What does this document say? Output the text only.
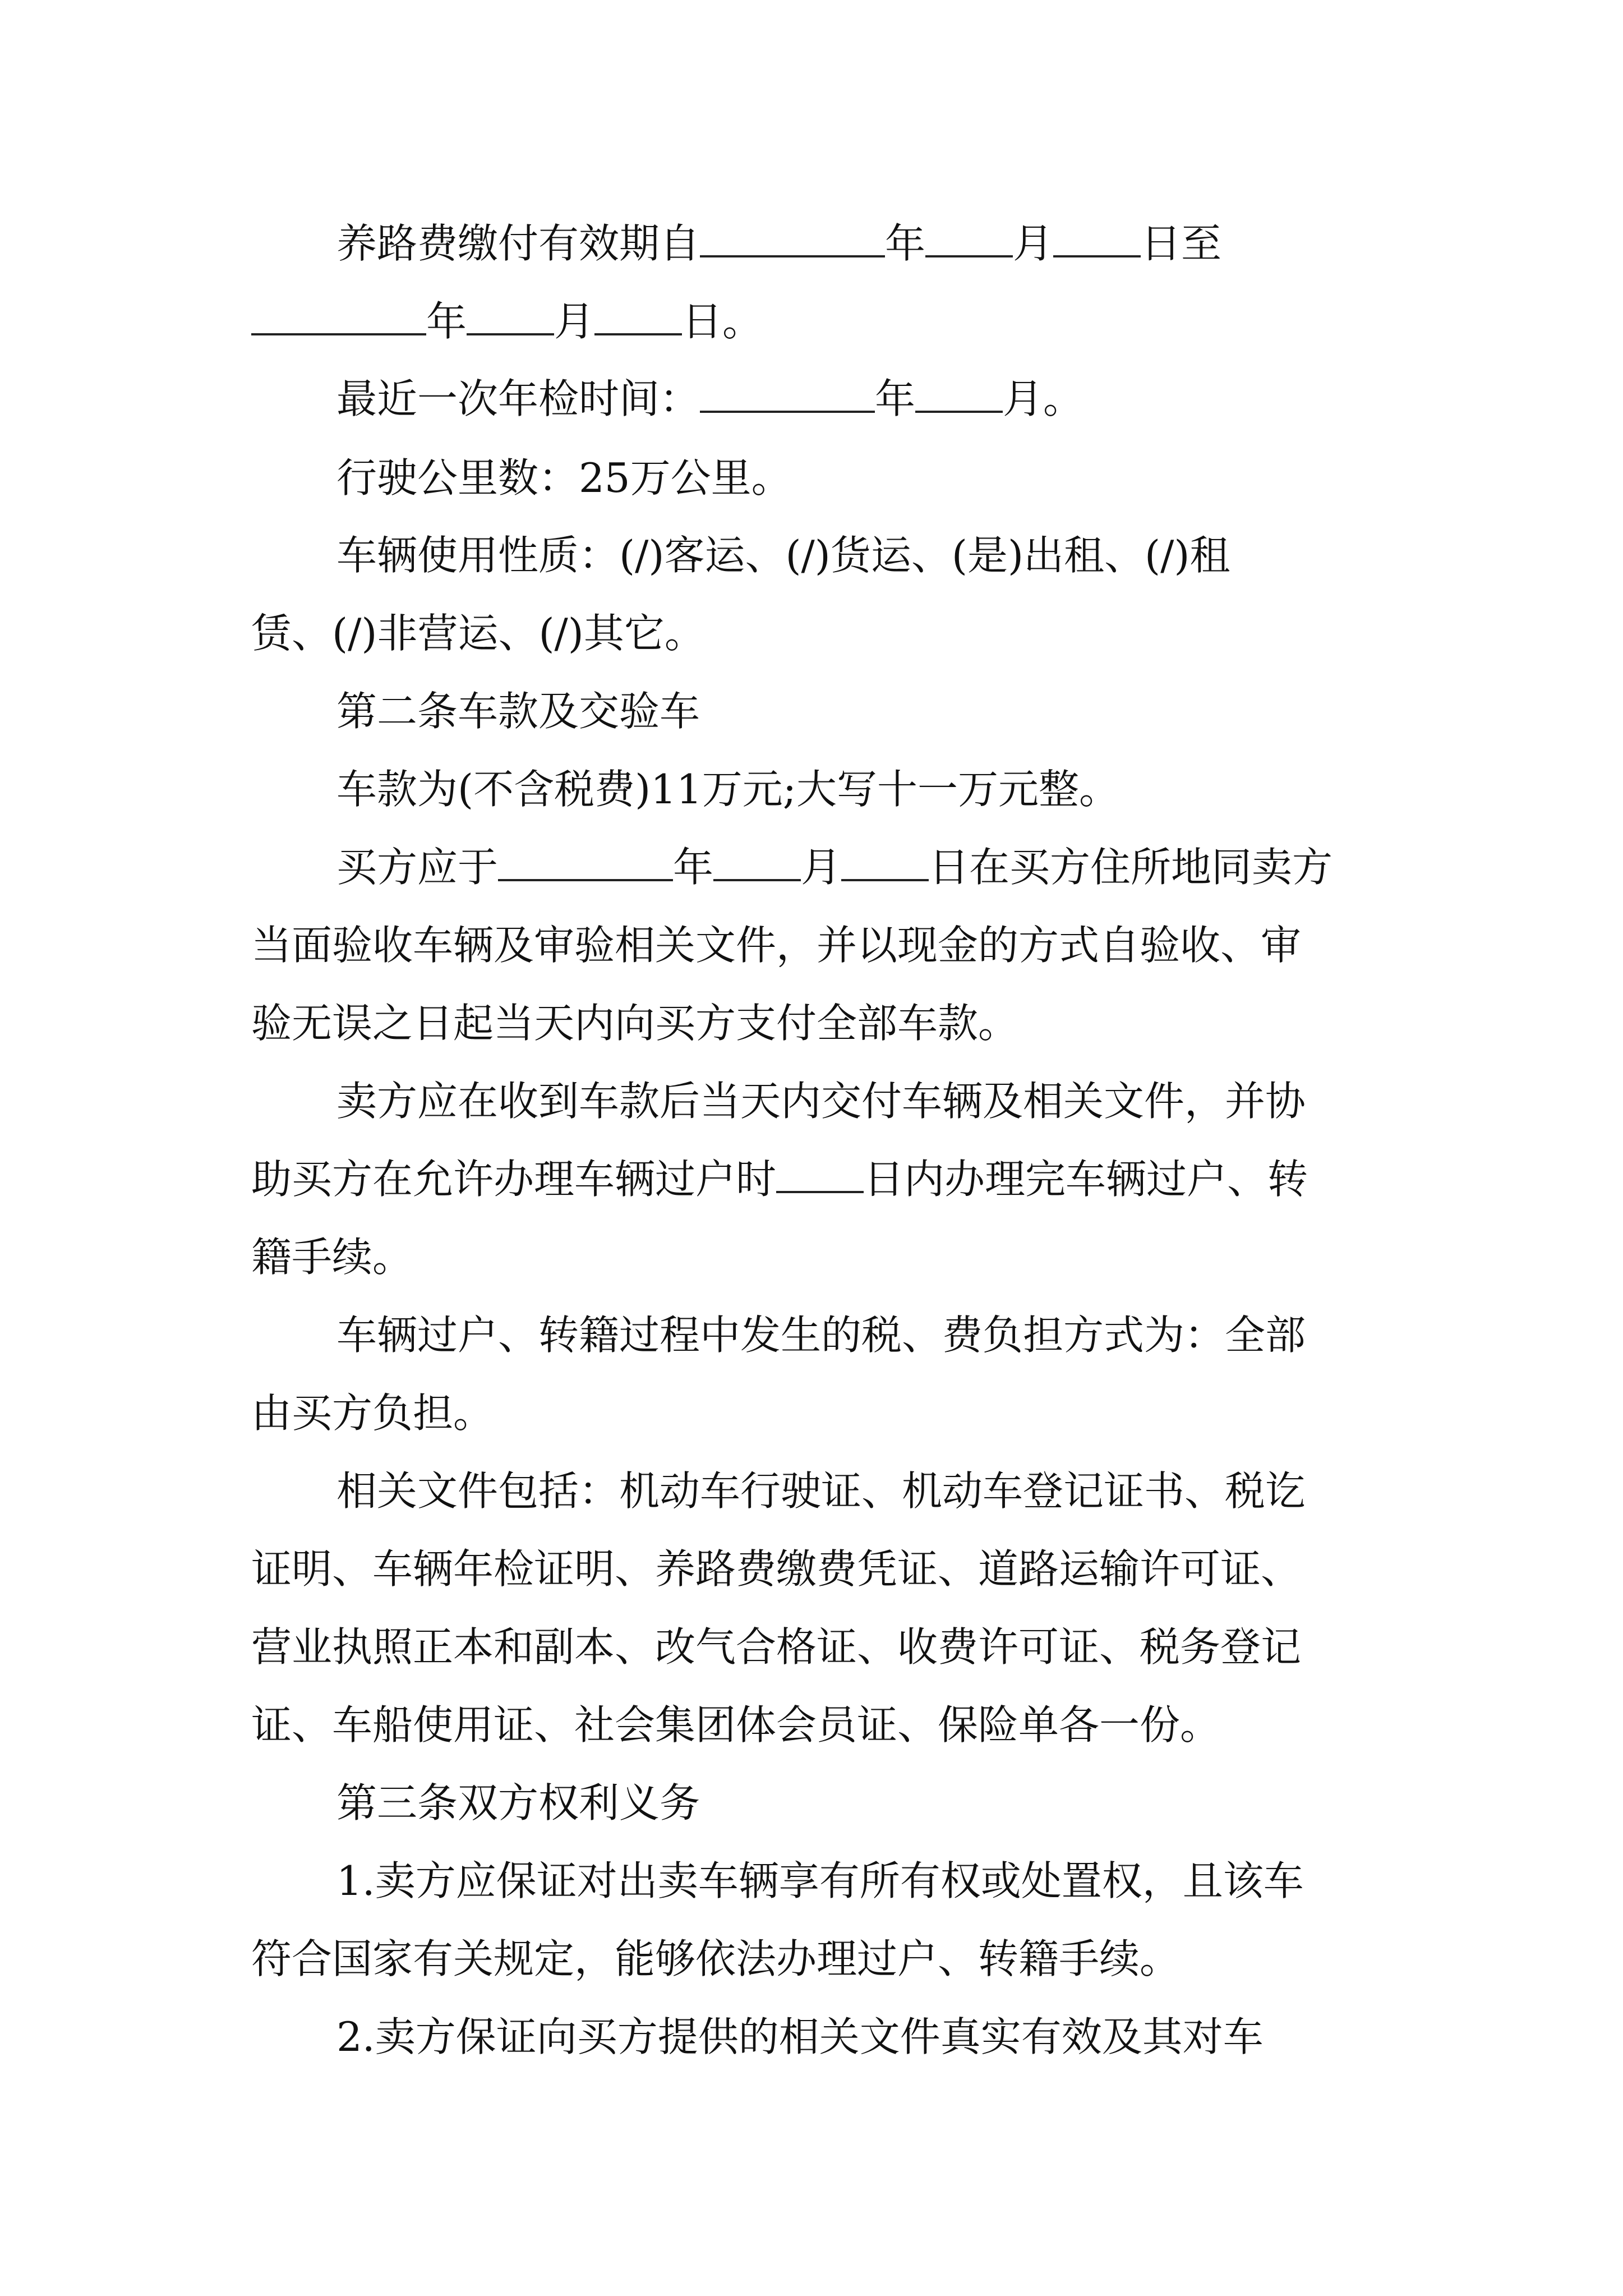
养路费缴付有效期自	年 月 日至
年 月 日。
最近一次年检时间：	年 月。
行驶公里数：25万公里。
车辆使用性质：(/)客运、(/)货运、(是)出租、(/)租
赁、(/)非营运、(/)其它。
第二条车款及交验车
车款为(不含税费)11万元;大写十一万元整。
买方应于	年 月 日在买方住所地同卖方
当面验收车辆及审验相关文件，并以现金的方式自验收、审
验无误之日起当天内向买方支付全部车款。
卖方应在收到车款后当天内交付车辆及相关文件，并协
助买方在允许办理车辆过户时 日内办理完车辆过户、转
籍手续。
车辆过户、转籍过程中发生的税、费负担方式为：全部
由买方负担。
相关文件包括：机动车行驶证、机动车登记证书、税讫
证明、车辆年检证明、养路费缴费凭证、道路运输许可证、
营业执照正本和副本、改气合格证、收费许可证、税务登记
证、车船使用证、社会集团体会员证、保险单各一份。
第三条双方权利义务
1.卖方应保证对出卖车辆享有所有权或处置权，且该车
符合国家有关规定，能够依法办理过户、转籍手续。
2.卖方保证向买方提供的相关文件真实有效及其对车
